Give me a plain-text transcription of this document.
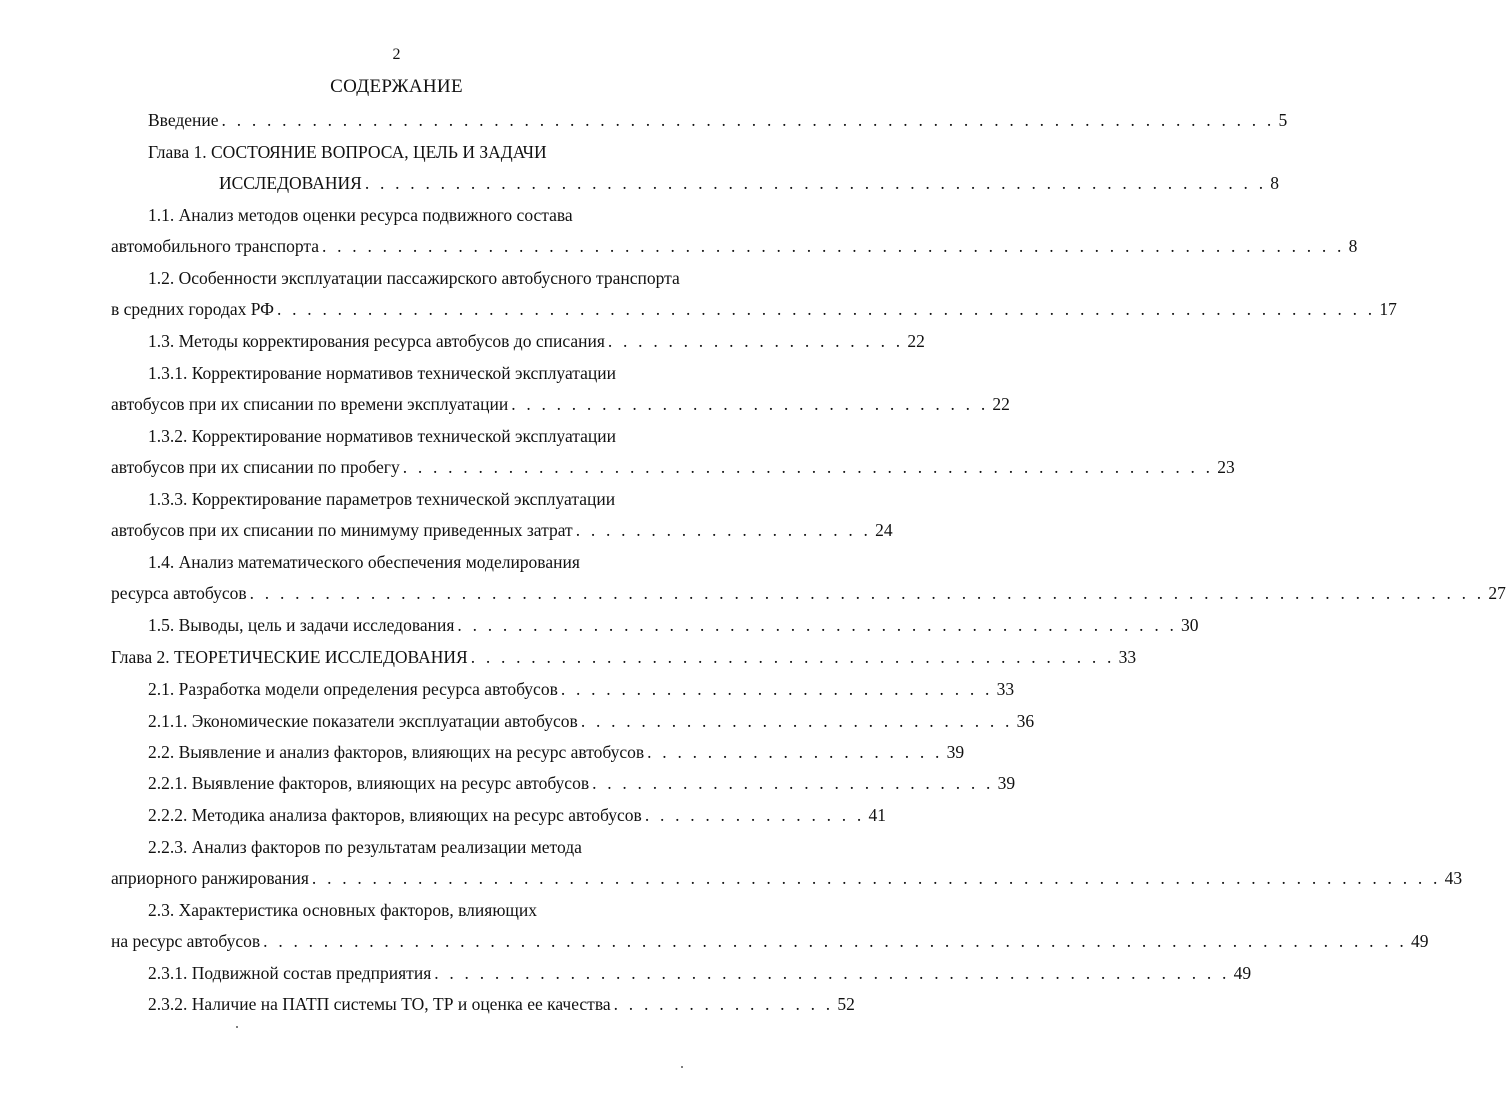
2
СОДЕРЖАНИЕ
Введение . . . . . . . . . . . . . . . . . . . . . . . . . . . . . . . . . . . . . . . . . . . . . . . . . . . . . . . . . . . . . . . . . . . . . . 5
Глава 1. СОСТОЯНИЕ ВОПРОСА, ЦЕЛЬ И ЗАДАЧИ
ИССЛЕДОВАНИЯ . . . . . . . . . . . . . . . . . . . . . . . . . . . . . . . . . . . . . . . . . . . . . . . . . . . . . . . . . . . . 8
1.1. Анализ методов оценки ресурса подвижного состава
автомобильного транспорта . . . . . . . . . . . . . . . . . . . . . . . . . . . . . . . . . . . . . . . . . . . . . . . . . . . . . . . . . . . . . . . . . . . . 8
1.2. Особенности эксплуатации пассажирского автобусного транспорта
в средних городах РФ . . . . . . . . . . . . . . . . . . . . . . . . . . . . . . . . . . . . . . . . . . . . . . . . . . . . . . . . . . . . . . . . . . . . . . . . . 17
1.3. Методы корректирования ресурса автобусов до списания . . . . . . . . . . . . . . . . . . . . 22
1.3.1. Корректирование нормативов технической эксплуатации
автобусов при их списании по времени эксплуатации . . . . . . . . . . . . . . . . . . . . . . . . . . . . . . . . 22
1.3.2. Корректирование нормативов технической эксплуатации
автобусов при их списании по пробегу . . . . . . . . . . . . . . . . . . . . . . . . . . . . . . . . . . . . . . . . . . . . . . . . . . . . . . 23
1.3.3. Корректирование параметров технической эксплуатации
автобусов при их списании по минимуму приведенных затрат . . . . . . . . . . . . . . . . . . . . 24
1.4. Анализ математического обеспечения моделирования
ресурса автобусов . . . . . . . . . . . . . . . . . . . . . . . . . . . . . . . . . . . . . . . . . . . . . . . . . . . . . . . . . . . . . . . . . . . . . . . . . . . . . . . . . . 27
1.5. Выводы, цель и задачи исследования . . . . . . . . . . . . . . . . . . . . . . . . . . . . . . . . . . . . . . . . . . . . . . . . 30
Глава 2. ТЕОРЕТИЧЕСКИЕ ИССЛЕДОВАНИЯ . . . . . . . . . . . . . . . . . . . . . . . . . . . . . . . . . . . . . . . . . . . 33
2.1. Разработка модели определения ресурса автобусов . . . . . . . . . . . . . . . . . . . . . . . . . . . . . 33
2.1.1. Экономические показатели эксплуатации автобусов . . . . . . . . . . . . . . . . . . . . . . . . . . . . . 36
2.2. Выявление и анализ факторов, влияющих на ресурс автобусов . . . . . . . . . . . . . . . . . . . . 39
2.2.1. Выявление факторов, влияющих на ресурс автобусов . . . . . . . . . . . . . . . . . . . . . . . . . . . 39
2.2.2. Методика анализа факторов, влияющих на ресурс автобусов . . . . . . . . . . . . . . . 41
2.2.3. Анализ факторов по результатам реализации метода
априорного ранжирования . . . . . . . . . . . . . . . . . . . . . . . . . . . . . . . . . . . . . . . . . . . . . . . . . . . . . . . . . . . . . . . . . . . . . . . . . . . 43
2.3. Характеристика основных факторов, влияющих
на ресурс автобусов . . . . . . . . . . . . . . . . . . . . . . . . . . . . . . . . . . . . . . . . . . . . . . . . . . . . . . . . . . . . . . . . . . . . . . . . . . . . 49
2.3.1. Подвижной состав предприятия . . . . . . . . . . . . . . . . . . . . . . . . . . . . . . . . . . . . . . . . . . . . . . . . . . . . . 49
2.3.2. Наличие на ПАТП системы ТО, ТР и оценка ее качества . . . . . . . . . . . . . . . 52
